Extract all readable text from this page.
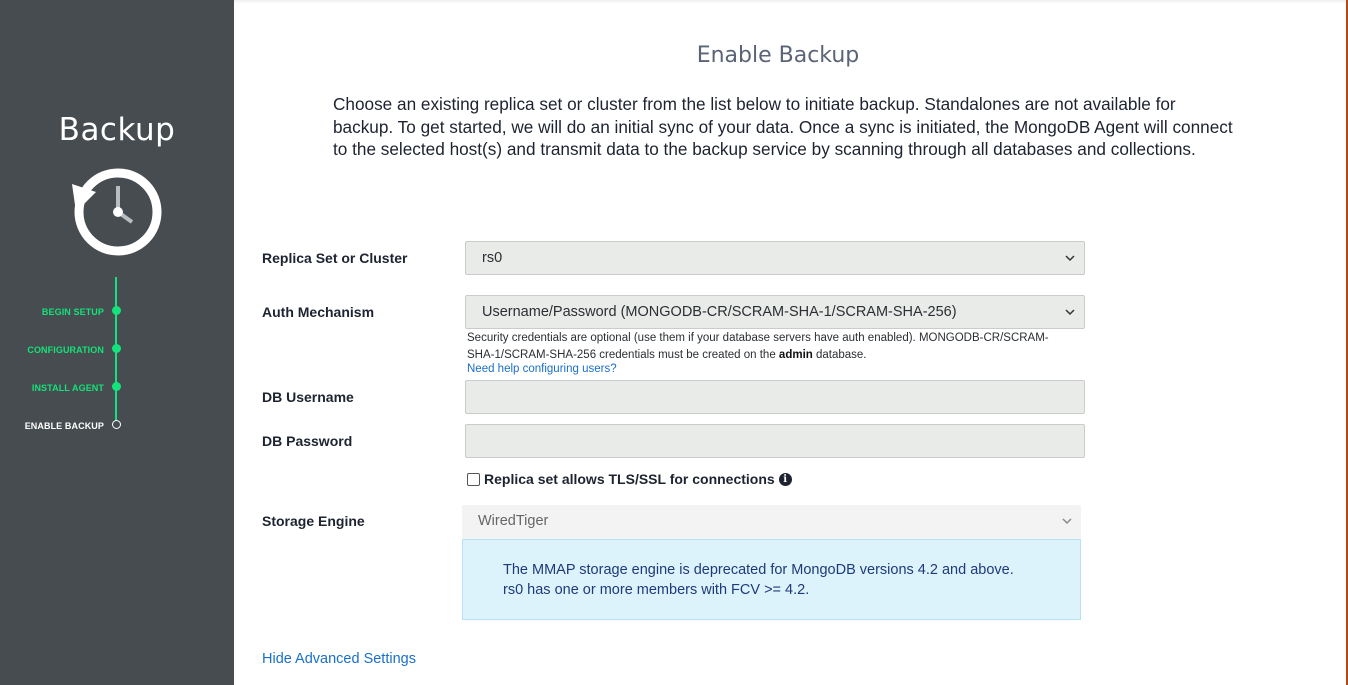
Backup
BEGIN SETUP
CONFIGURATION
INSTALL AGENT
ENABLE BACKUP
Enable Backup

Choose an existing replica set or cluster from the list below to initiate backup. Standalones are not available for backup. To get started, we will do an initial sync of your data. Once a sync is initiated, the MongoDB Agent will connect to the selected host(s) and transmit data to the backup service by scanning through all databases and collections.

Replica Set or Cluster	rs0
Auth Mechanism	Username/Password (MONGODB-CR/SCRAM-SHA-1/SCRAM-SHA-256)
Security credentials are optional (use them if your database servers have auth enabled). MONGODB-CR/SCRAM-SHA-1/SCRAM-SHA-256 credentials must be created on the admin database.
Need help configuring users?
DB Username
DB Password
Replica set allows TLS/SSL for connections i
Storage Engine	WiredTiger
The MMAP storage engine is deprecated for MongoDB versions 4.2 and above.
rs0 has one or more members with FCV >= 4.2.
Hide Advanced Settings
